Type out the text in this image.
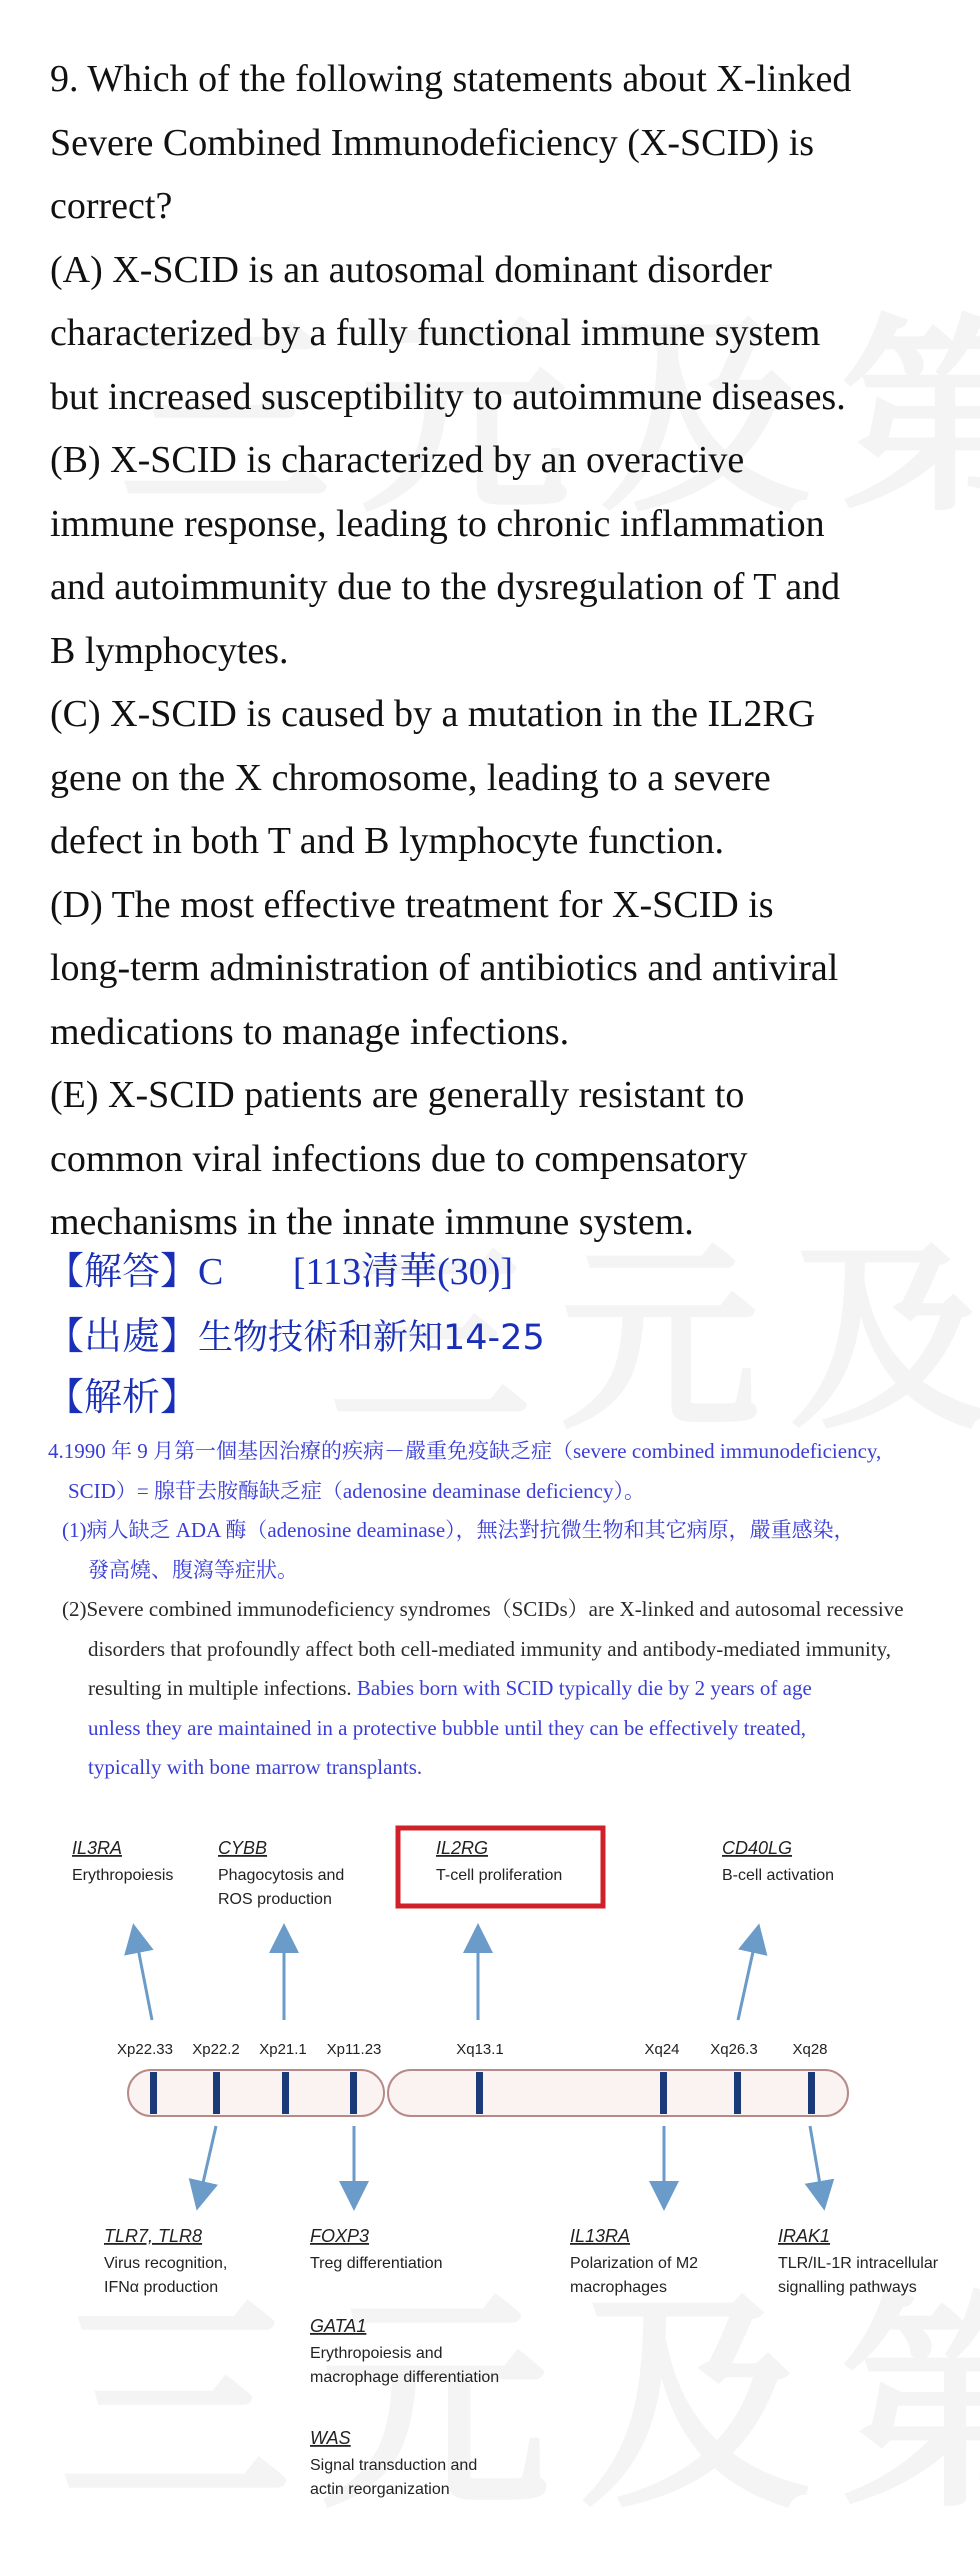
9. Which of the following statements about X-linked
Severe Combined Immunodeficiency (X-SCID) is
correct?
(A) X-SCID is an autosomal dominant disorder
characterized by a fully functional immune system
but increased susceptibility to autoimmune diseases.
(B) X-SCID is characterized by an overactive
immune response, leading to chronic inflammation
and autoimmunity due to the dysregulation of T and
B lymphocytes.
(C) X-SCID is caused by a mutation in the IL2RG
gene on the X chromosome, leading to a severe
defect in both T and B lymphocyte function.
(D) The most effective treatment for X-SCID is
long-term administration of antibiotics and antiviral
medications to manage infections.
(E) X-SCID patients are generally resistant to
common viral infections due to compensatory
mechanisms in the innate immune system.
【解答】C [113清華(30)]
【出處】生物技術和新知14-25
【解析】
4.1990 年 9 月第一個基因治療的疾病－嚴重免疫缺乏症（severe combined immunodeficiency,
SCID）= 腺苷去胺酶缺乏症（adenosine deaminase deficiency）。
(1)病人缺乏 ADA 酶（adenosine deaminase），無法對抗微生物和其它病原，嚴重感染，
發高燒、腹瀉等症狀。
(2)Severe combined immunodeficiency syndromes（SCIDs）are X-linked and autosomal recessive
disorders that profoundly affect both cell-mediated immunity and antibody-mediated immunity,
resulting in multiple infections. Babies born with SCID typically die by 2 years of age
unless they are maintained in a protective bubble until they can be effectively treated,
typically with bone marrow transplants.
IL3RA
Erythropoiesis
CYBB
Phagocytosis and
ROS production
IL2RG
T-cell proliferation
CD40LG
B-cell activation
Xp22.33 Xp22.2 Xp21.1 Xp11.23	Xq13.1	Xq24 Xq26.3 Xq28
TLR7, TLR8
Virus recognition,
IFNα production
FOXP3
Treg differentiation
GATA1
Erythropoiesis and
macrophage differentiation
WAS
Signal transduction and
actin reorganization
IL13RA
Polarization of M2
macrophages
IRAK1
TLR/IL-1R intracellular
signalling pathways
